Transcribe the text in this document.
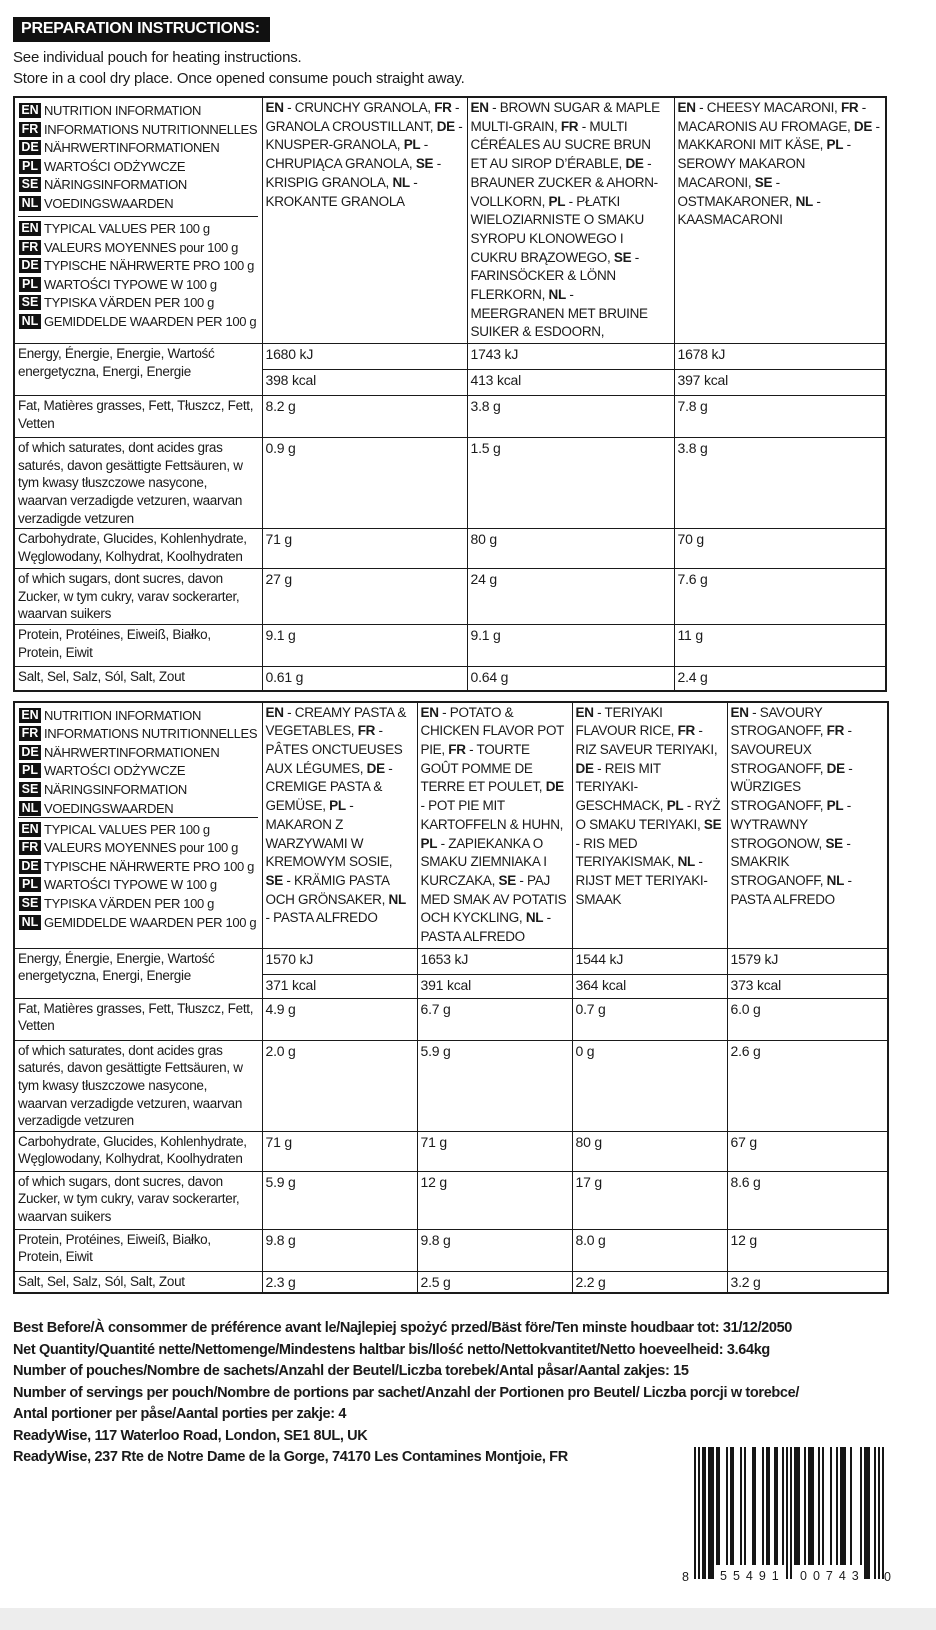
PREPARATION INSTRUCTIONS:
See individual pouch for heating instructions.
Store in a cool dry place. Once opened consume pouch straight away.
EN NUTRITION INFORMATION
FR INFORMATIONS NUTRITIONNELLES
DE NÄHRWERTINFORMATIONEN
PL WARTOŚCI ODŻYWCZE
SE NÄRINGSINFORMATION
NL VOEDINGSWAARDEN
EN TYPICAL VALUES PER 100 g
FR VALEURS MOYENNES pour 100 g
DE TYPISCHE NÄHRWERTE PRO 100 g
PL WARTOŚCI TYPOWE W 100 g
SE TYPISKA VÄRDEN PER 100 g
NL GEMIDDELDE WAARDEN PER 100 g
	EN - CRUNCHY GRANOLA, FR - GRANOLA CROUSTILLANT, DE - KNUSPER-GRANOLA, PL - CHRUPIĄCA GRANOLA, SE - KRISPIG GRANOLA, NL - KROKANTE GRANOLA	EN - BROWN SUGAR & MAPLE MULTI-GRAIN, FR - MULTI CÉRÉALES AU SUCRE BRUN ET AU SIROP D’ÉRABLE, DE - BRAUNER ZUCKER & AHORN-VOLLKORN, PL - PŁATKI WIELOZIARNISTE O SMAKU SYROPU KLONOWEGO I CUKRU BRĄZOWEGO, SE - FARINSÖCKER & LÖNN FLERKORN, NL - MEERGRANEN MET BRUINE SUIKER & ESDOORN,	EN - CHEESY MACARONI, FR - MACARONIS AU FROMAGE, DE - MAKKARONI MIT KÄSE, PL - SEROWY MAKARON MACARONI, SE - OSTMAKARONER, NL - KAASMACARONI
Energy, Énergie, Energie, Wartość energetyczna, Energi, Energie	1680 kJ	1743 kJ	1678 kJ
	398 kcal	413 kcal	397 kcal
Fat, Matières grasses, Fett, Tłuszcz, Fett, Vetten	8.2 g	3.8 g	7.8 g
of which saturates, dont acides gras saturés, davon gesättigte Fettsäuren, w tym kwasy tłuszczowe nasycone, waarvan verzadigde vetzuren, waarvan verzadigde vetzuren	0.9 g	1.5 g	3.8 g
Carbohydrate, Glucides, Kohlenhydrate, Węglowodany, Kolhydrat, Koolhydraten	71 g	80 g	70 g
of which sugars, dont sucres, davon Zucker, w tym cukry, varav sockerarter, waarvan suikers	27 g	24 g	7.6 g
Protein, Protéines, Eiweiß, Białko, Protein, Eiwit	9.1 g	9.1 g	11 g
Salt, Sel, Salz, Sól, Salt, Zout	0.61 g	0.64 g	2.4 g
EN NUTRITION INFORMATION
FR INFORMATIONS NUTRITIONNELLES
DE NÄHRWERTINFORMATIONEN
PL WARTOŚCI ODŻYWCZE
SE NÄRINGSINFORMATION
NL VOEDINGSWAARDEN
EN TYPICAL VALUES PER 100 g
FR VALEURS MOYENNES pour 100 g
DE TYPISCHE NÄHRWERTE PRO 100 g
PL WARTOŚCI TYPOWE W 100 g
SE TYPISKA VÄRDEN PER 100 g
NL GEMIDDELDE WAARDEN PER 100 g
	EN - CREAMY PASTA & VEGETABLES, FR - PÂTES ONCTUEUSES AUX LÉGUMES, DE - CREMIGE PASTA & GEMÜSE, PL - MAKARON Z WARZYWAMI W KREMOWYM SOSIE, SE - KRÄMIG PASTA OCH GRÖNSAKER, NL - PASTA ALFREDO	EN - POTATO & CHICKEN FLAVOR POT PIE, FR - TOURTE GOÛT POMME DE TERRE ET POULET, DE - POT PIE MIT KARTOFFELN & HUHN, PL - ZAPIEKANKA O SMAKU ZIEMNIAKA I KURCZAKA, SE - PAJ MED SMAK AV POTATIS OCH KYCKLING, NL - PASTA ALFREDO	EN - TERIYAKI FLAVOUR RICE, FR - RIZ SAVEUR TERIYAKI, DE - REIS MIT TERIYAKI-GESCHMACK, PL - RYŻ O SMAKU TERIYAKI, SE - RIS MED TERIYAKISMAK, NL - RIJST MET TERIYAKI-SMAAK	EN - SAVOURY STROGANOFF, FR - SAVOUREUX STROGANOFF, DE - WÜRZIGES STROGANOFF, PL - WYTRAWNY STROGONOW, SE - SMAKRIK STROGANOFF, NL - PASTA ALFREDO
Energy, Énergie, Energie, Wartość energetyczna, Energi, Energie	1570 kJ	1653 kJ	1544 kJ	1579 kJ
	371 kcal	391 kcal	364 kcal	373 kcal
Fat, Matières grasses, Fett, Tłuszcz, Fett, Vetten	4.9 g	6.7 g	0.7 g	6.0 g
of which saturates, dont acides gras saturés, davon gesättigte Fettsäuren, w tym kwasy tłuszczowe nasycone, waarvan verzadigde vetzuren, waarvan verzadigde vetzuren	2.0 g	5.9 g	0 g	2.6 g
Carbohydrate, Glucides, Kohlenhydrate, Węglowodany, Kolhydrat, Koolhydraten	71 g	71 g	80 g	67 g
of which sugars, dont sucres, davon Zucker, w tym cukry, varav sockerarter, waarvan suikers	5.9 g	12 g	17 g	8.6 g
Protein, Protéines, Eiweiß, Białko, Protein, Eiwit	9.8 g	9.8 g	8.0 g	12 g
Salt, Sel, Salz, Sól, Salt, Zout	2.3 g	2.5 g	2.2 g	3.2 g
Best Before/À consommer de préférence avant le/Najlepiej spożyć przed/Bäst före/Ten minste houdbaar tot: 31/12/2050
Net Quantity/Quantité nette/Nettomenge/Mindestens haltbar bis/Ilość netto/Nettokvantitet/Netto hoeveelheid: 3.64kg
Number of pouches/Nombre de sachets/Anzahl der Beutel/Liczba torebek/Antal påsar/Aantal zakjes: 15
Number of servings per pouch/Nombre de portions par sachet/Anzahl der Portionen pro Beutel/ Liczba porcji w torebce/
Antal portioner per påse/Aantal porties per zakje: 4
ReadyWise, 117 Waterloo Road, London, SE1 8UL, UK
ReadyWise, 237 Rte de Notre Dame de la Gorge, 74170 Les Contamines Montjoie, FR
8	55491	00743 0
